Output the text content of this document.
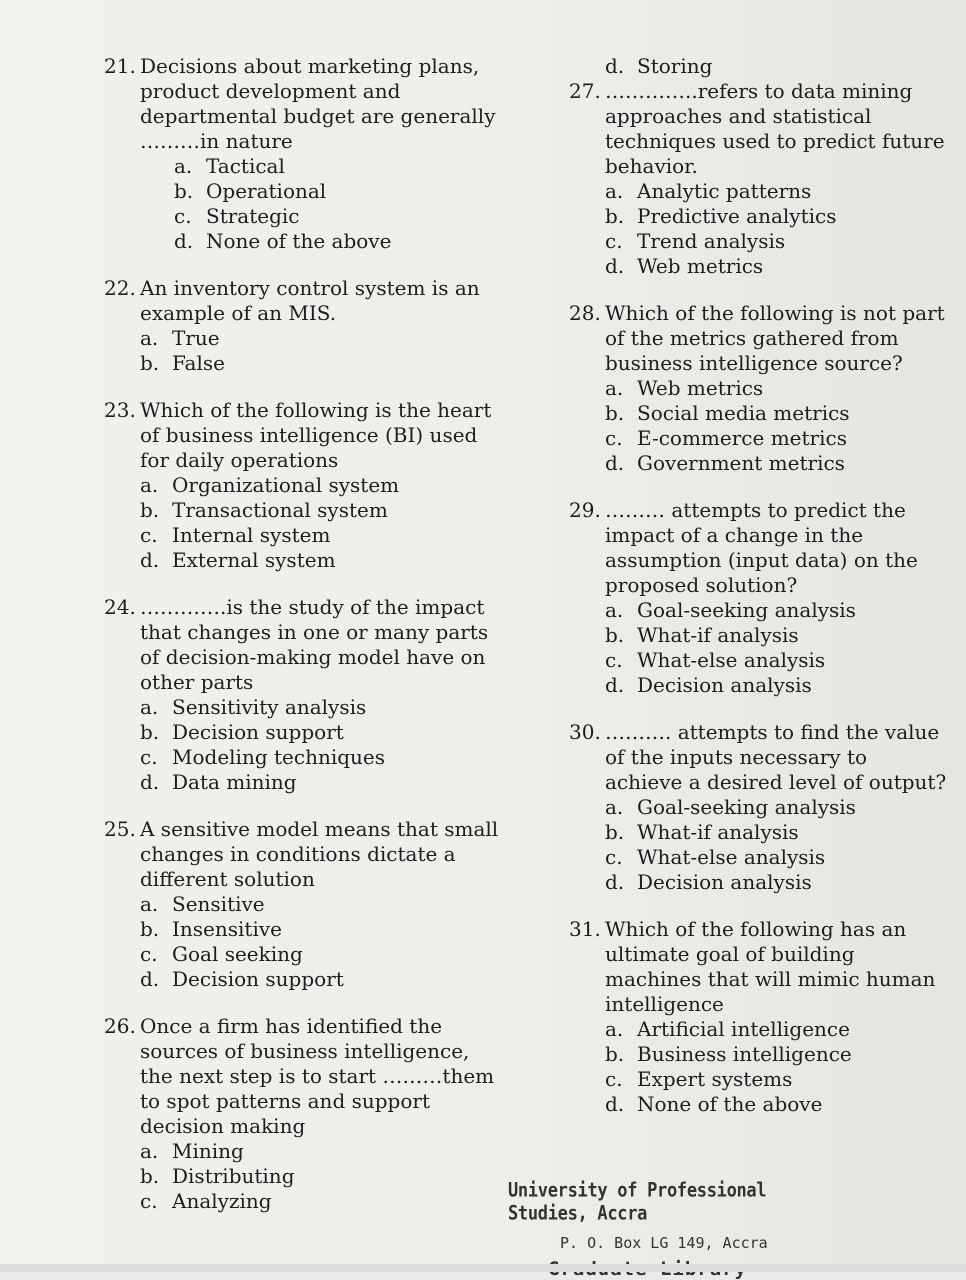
21. Decisions about marketing plans, product development and departmental budget are generally ………in nature
a. Tactical
b. Operational
c. Strategic
d. None of the above
22. An inventory control system is an example of an MIS.
a. True
b. False
23. Which of the following is the heart of business intelligence (BI) used for daily operations
a. Organizational system
b. Transactional system
c. Internal system
d. External system
24. ………….is the study of the impact that changes in one or many parts of decision-making model have on other parts
a. Sensitivity analysis
b. Decision support
c. Modeling techniques
d. Data mining
25. A sensitive model means that small changes in conditions dictate a different solution
a. Sensitive
b. Insensitive
c. Goal seeking
d. Decision support
26. Once a firm has identified the sources of business intelligence, the next step is to start ………them to spot patterns and support decision making
a. Mining
b. Distributing
c. Analyzing
d. Storing
27. …………..refers to data mining approaches and statistical techniques used to predict future behavior.
a. Analytic patterns
b. Predictive analytics
c. Trend analysis
d. Web metrics
28. Which of the following is not part of the metrics gathered from business intelligence source?
a. Web metrics
b. Social media metrics
c. E-commerce metrics
d. Government metrics
29. ……… attempts to predict the impact of a change in the assumption (input data) on the proposed solution?
a. Goal-seeking analysis
b. What-if analysis
c. What-else analysis
d. Decision analysis
30. ………. attempts to find the value of the inputs necessary to achieve a desired level of output?
a. Goal-seeking analysis
b. What-if analysis
c. What-else analysis
d. Decision analysis
31. Which of the following has an ultimate goal of building machines that will mimic human intelligence
a. Artificial intelligence
b. Business intelligence
c. Expert systems
d. None of the above
University of Professional Studies, Accra
P. O. Box LG 149, Accra
